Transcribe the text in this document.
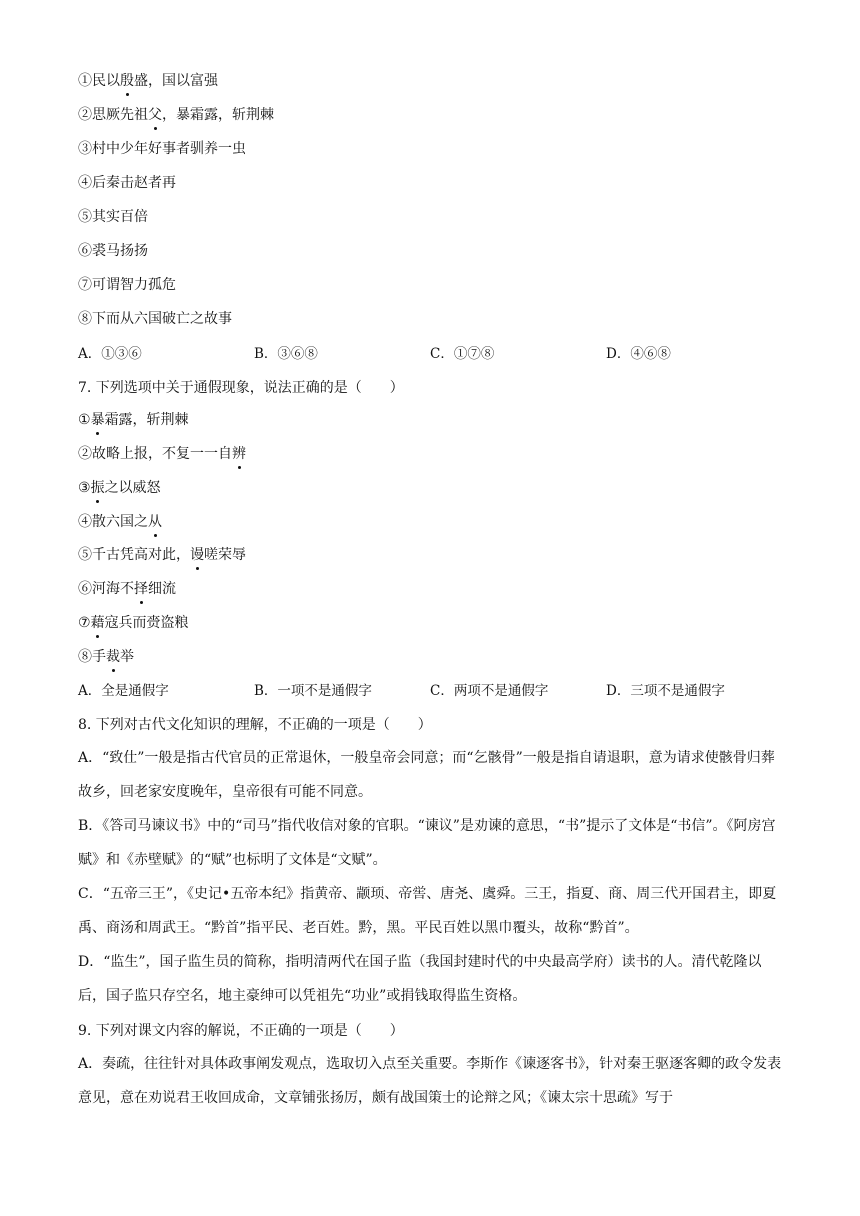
①民以殷盛，国以富强
②思厥先祖父，暴霜露，斩荆棘
③村中少年好事者驯养一虫
④后秦击赵者再
⑤其实百倍
⑥裘马扬扬
⑦可谓智力孤危
⑧下而从六国破亡之故事
A．①③⑥	B．③⑥⑧	C．①⑦⑧	D．④⑥⑧
7. 下列选项中关于通假现象，说法正确的是（　　）
①暴霜露，斩荆棘
②故略上报，不复一一自辨
③振之以威怒
④散六国之从
⑤千古凭高对此，谩嗟荣辱
⑥河海不择细流
⑦藉寇兵而赍盗粮
⑧手裁举
A．全是通假字	B．一项不是通假字	C．两项不是通假字	D．三项不是通假字
8. 下列对古代文化知识的理解，不正确的一项是（　　）
A．“致仕”一般是指古代官员的正常退休，一般皇帝会同意；而“乞骸骨”一般是指自请退职，意为请求使骸骨归葬故乡，回老家安度晚年，皇帝很有可能不同意。
B．《答司马谏议书》中的“司马”指代收信对象的官职。“谏议”是劝谏的意思，“书”提示了文体是“书信”。《阿房宫赋》和《赤壁赋》的“赋”也标明了文体是“文赋”。
C．“五帝三王”，《史记•五帝本纪》指黄帝、颛顼、帝喾、唐尧、虞舜。三王，指夏、商、周三代开国君主，即夏禹、商汤和周武王。“黔首”指平民、老百姓。黔，黑。平民百姓以黑巾覆头，故称“黔首”。
D．“监生”，国子监生员的简称，指明清两代在国子监（我国封建时代的中央最高学府）读书的人。清代乾隆以后，国子监只存空名，地主豪绅可以凭祖先“功业”或捐钱取得监生资格。
9. 下列对课文内容的解说，不正确的一项是（　　）
A．奏疏，往往针对具体政事阐发观点，选取切入点至关重要。李斯作《谏逐客书》，针对秦王驱逐客卿的政令发表意见，意在劝说君王收回成命，文章铺张扬厉，颇有战国策士的论辩之风；《谏太宗十思疏》写于
